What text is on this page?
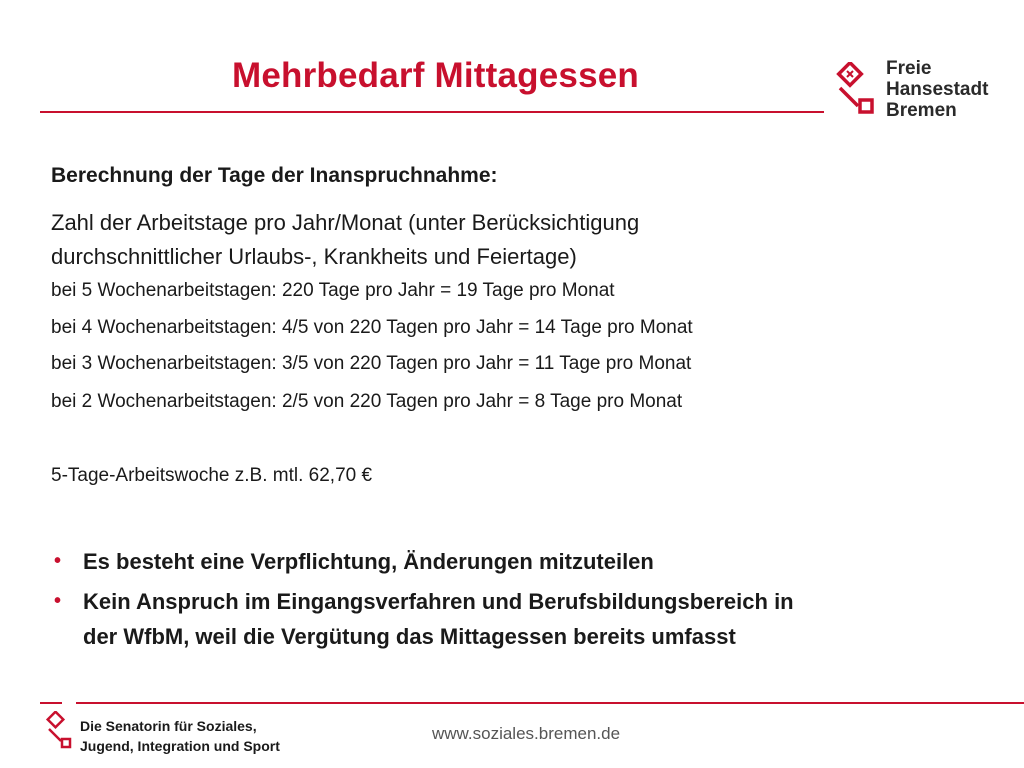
Mehrbedarf Mittagessen	Freie
Hansestadt
Bremen
Berechnung der Tage der Inanspruchnahme:
Zahl der Arbeitstage pro Jahr/Monat (unter Berücksichtigung
durchschnittlicher Urlaubs-, Krankheits und Feiertage)
bei 5 Wochenarbeitstagen: 220 Tage pro Jahr = 19 Tage pro Monat
bei 4 Wochenarbeitstagen: 4/5 von 220 Tagen pro Jahr = 14 Tage pro Monat
bei 3 Wochenarbeitstagen: 3/5 von 220 Tagen pro Jahr = 11 Tage pro Monat
bei 2 Wochenarbeitstagen: 2/5 von 220 Tagen pro Jahr = 8 Tage pro Monat
5-Tage-Arbeitswoche z.B. mtl. 62,70 €
• Es besteht eine Verpflichtung, Änderungen mitzuteilen
• Kein Anspruch im Eingangsverfahren und Berufsbildungsbereich in
der WfbM, weil die Vergütung das Mittagessen bereits umfasst
Die Senatorin für Soziales,
Jugend, Integration und Sport
www.soziales.bremen.de
